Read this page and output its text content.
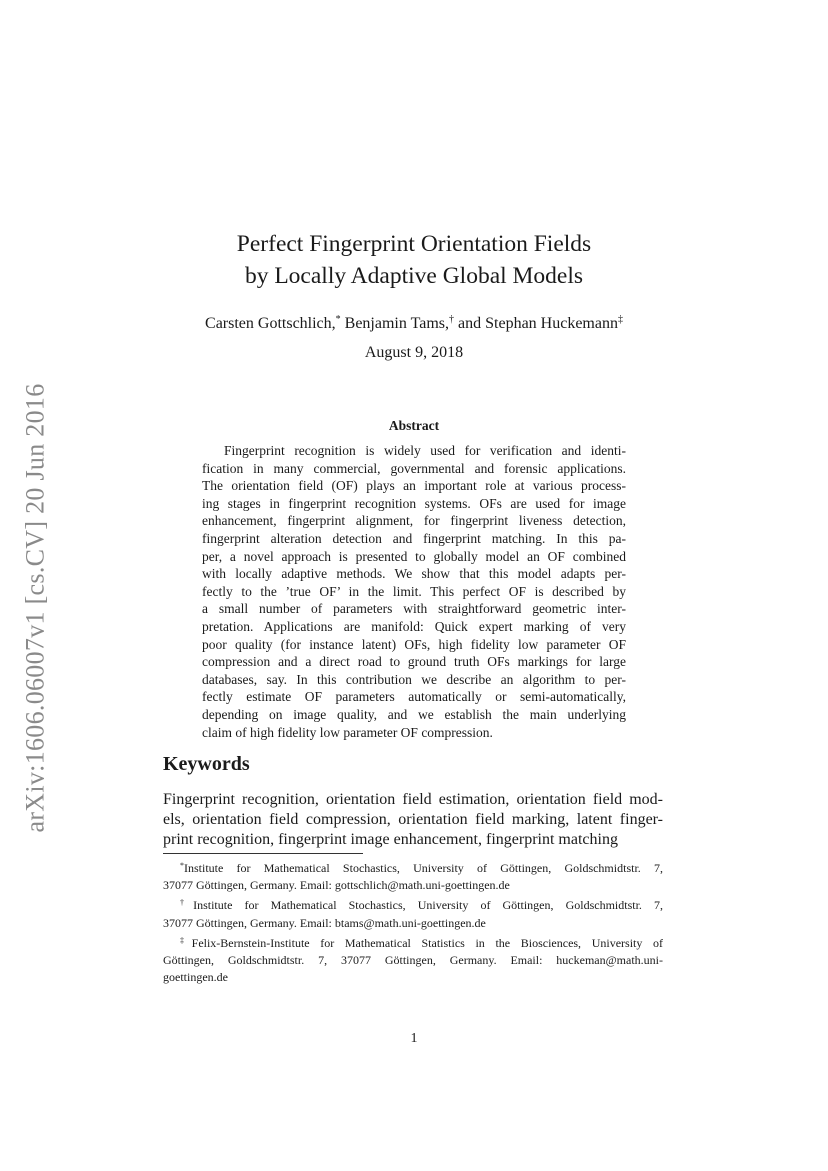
arXiv:1606.06007v1 [cs.CV] 20 Jun 2016
Perfect Fingerprint Orientation Fields
by Locally Adaptive Global Models
Carsten Gottschlich,* Benjamin Tams,† and Stephan Huckemann‡
August 9, 2018
Abstract
Fingerprint recognition is widely used for verification and identi-
fication in many commercial, governmental and forensic applications.
The orientation field (OF) plays an important role at various process-
ing stages in fingerprint recognition systems. OFs are used for image
enhancement, fingerprint alignment, for fingerprint liveness detection,
fingerprint alteration detection and fingerprint matching. In this pa-
per, a novel approach is presented to globally model an OF combined
with locally adaptive methods. We show that this model adapts per-
fectly to the ’true OF’ in the limit. This perfect OF is described by
a small number of parameters with straightforward geometric inter-
pretation. Applications are manifold: Quick expert marking of very
poor quality (for instance latent) OFs, high fidelity low parameter OF
compression and a direct road to ground truth OFs markings for large
databases, say. In this contribution we describe an algorithm to per-
fectly estimate OF parameters automatically or semi-automatically,
depending on image quality, and we establish the main underlying
claim of high fidelity low parameter OF compression.
Keywords
Fingerprint recognition, orientation field estimation, orientation field mod-
els, orientation field compression, orientation field marking, latent finger-
print recognition, fingerprint image enhancement, fingerprint matching
*Institute for Mathematical Stochastics, University of Göttingen, Goldschmidtstr. 7,
37077 Göttingen, Germany. Email: gottschlich@math.uni-goettingen.de
†Institute for Mathematical Stochastics, University of Göttingen, Goldschmidtstr. 7,
37077 Göttingen, Germany. Email: btams@math.uni-goettingen.de
‡Felix-Bernstein-Institute for Mathematical Statistics in the Biosciences, University of
Göttingen, Goldschmidtstr. 7, 37077 Göttingen, Germany. Email: huckeman@math.uni-
goettingen.de
1
